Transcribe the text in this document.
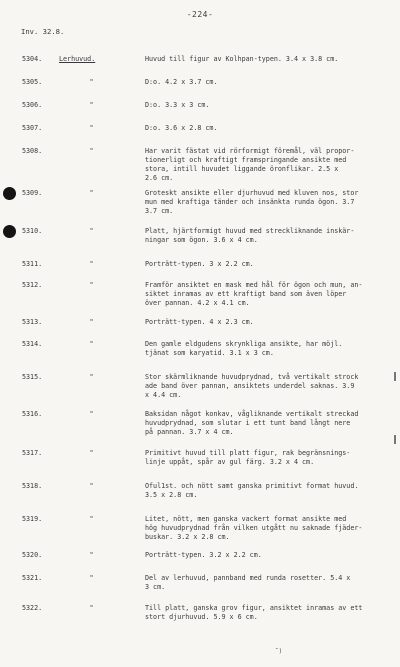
-224-
Inv. 32.8.
˜)
5304.	Lerhuvud.	Huvud till figur av Kolhpan-typen. 3.4 x 3.8 cm.
5305.	"	D:o. 4.2 x 3.7 cm.
5306.	"	D:o. 3.3 x 3 cm.
5307.	"	D:o. 3.6 x 2.8 cm.
5308.	"	Har varit fästat vid rörformigt föremål, väl propor-
tionerligt och kraftigt framspringande ansikte med
stora, intill huvudet liggande öronflikar. 2.5 x
2.6 cm.
5309.	"	Groteskt ansikte eller djurhuvud med kluven nos, stor
mun med kraftiga tänder och insänkta runda ögon. 3.7
3.7 cm.
5310.	"	Platt, hjärtformigt huvud med streckliknande inskär-
ningar som ögon. 3.6 x 4 cm.
5311.	"	Porträtt-typen. 3 x 2.2 cm.
5312.	"	Framför ansiktet en mask med hål för ögon och mun, an-
siktet inramas av ett kraftigt band som även löper
över pannan. 4.2 x 4.1 cm.
5313.	"	Porträtt-typen. 4 x 2.3 cm.
5314.	"	Den gamle eldgudens skrynkliga ansikte, har möjl.
tjänat som karyatid. 3.1 x 3 cm.
5315.	"	Stor skärmliknande huvudprydnad, två vertikalt strock
ade band över pannan, ansiktets underdel saknas. 3.9
x 4.4 cm.
5316.	"	Baksidan något konkav, vågliknande vertikalt streckad
huvudprydnad, som slutar i ett tunt band långt nere
på pannan. 3.7 x 4 cm.
5317.	"	Primitivt huvud till platt figur, rak begränsnings-
linje uppåt, spår av gul färg. 3.2 x 4 cm.
5318.	"	Oful1st. och nött samt ganska primitivt format huvud.
3.5 x 2.8 cm.
5319.	"	Litet, nött, men ganska vackert format ansikte med
hög huvudprydnad från vilken utgått nu saknade fjäder-
buskar. 3.2 x 2.8 cm.
5320.	"	Porträtt-typen. 3.2 x 2.2 cm.
5321.	"	Del av lerhuvud, pannband med runda rosetter. 5.4 x
3 cm.
5322.	"	Till platt, ganska grov figur, ansiktet inramas av ett
stort djurhuvud. 5.9 x 6 cm.
